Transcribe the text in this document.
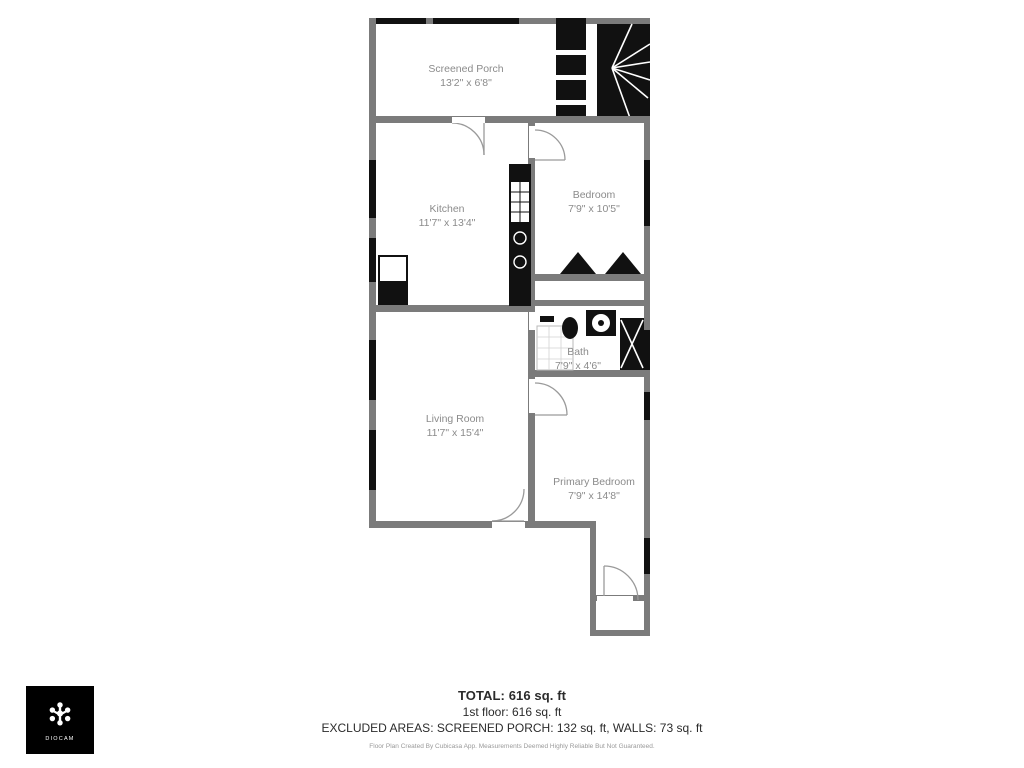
Screened Porch
13'2" x 6'8"
Kitchen
11'7" x 13'4"
Bedroom
7'9" x 10'5"
Bath
7'9" x 4'6"
Living Room
11'7" x 15'4"
Primary Bedroom
7'9" x 14'8"
TOTAL: 616 sq. ft
1st floor: 616 sq. ft
EXCLUDED AREAS: SCREENED PORCH: 132 sq. ft, WALLS: 73 sq. ft
Floor Plan Created By Cubicasa App. Measurements Deemed Highly Reliable But Not Guaranteed.
DIOCAM
